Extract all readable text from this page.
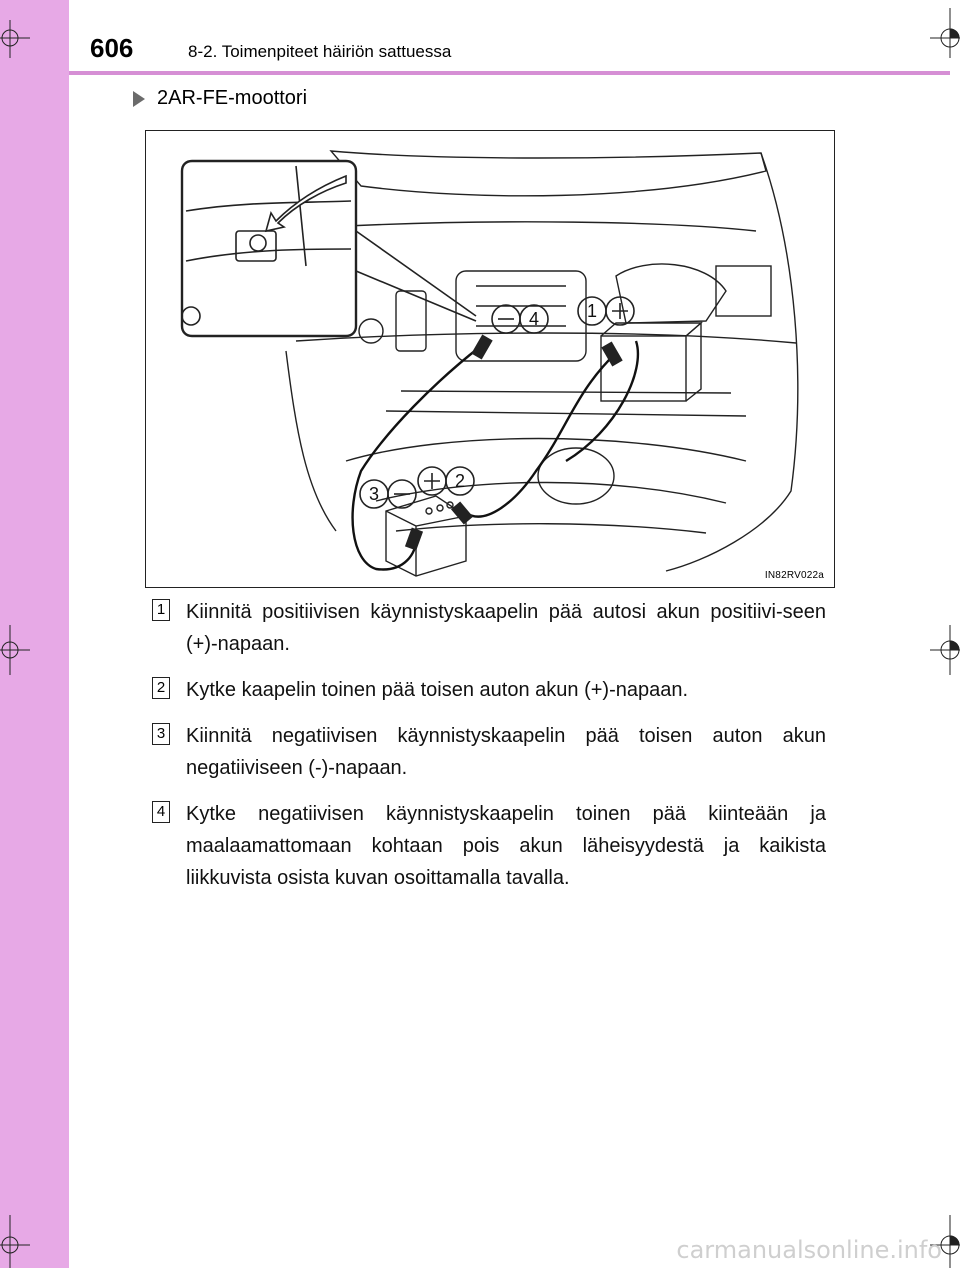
606	8-2. Toimenpiteet häiriön sattuessa
2AR-FE-moottori
1
4
3
2
IN82RV022a
1 Kiinnitä positiivisen käynnistyskaapelin pää autosi akun positiivi-seen (+)-napaan.
2 Kytke kaapelin toinen pää toisen auton akun (+)-napaan.
3 Kiinnitä negatiivisen käynnistyskaapelin pää toisen auton akun negatiiviseen (-)-napaan.
4 Kytke negatiivisen käynnistyskaapelin toinen pää kiinteään ja maalaamattomaan kohtaan pois akun läheisyydestä ja kaikista liikkuvista osista kuvan osoittamalla tavalla.
carmanualsonline.info
